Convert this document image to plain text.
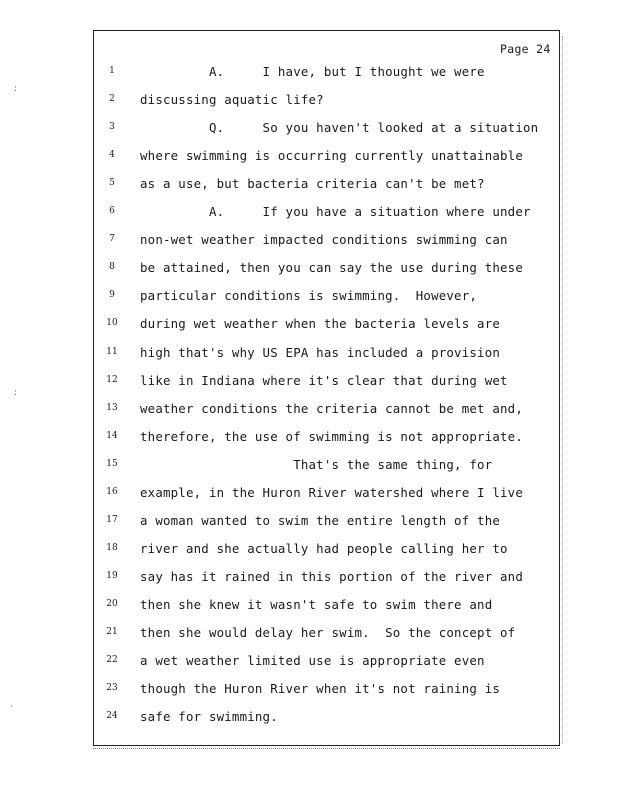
:
:
·
Page 24
1	A.     I have, but I thought we were
2	discussing aquatic life?
3	Q.     So you haven't looked at a situation
4	where swimming is occurring currently unattainable
5	as a use, but bacteria criteria can't be met?
6	A.     If you have a situation where under
7	non-wet weather impacted conditions swimming can
8	be attained, then you can say the use during these
9	particular conditions is swimming.  However,
10	during wet weather when the bacteria levels are
11	high that's why US EPA has included a provision
12	like in Indiana where it's clear that during wet
13	weather conditions the criteria cannot be met and,
14	therefore, the use of swimming is not appropriate.
15	That's the same thing, for
16	example, in the Huron River watershed where I live
17	a woman wanted to swim the entire length of the
18	river and she actually had people calling her to
19	say has it rained in this portion of the river and
20	then she knew it wasn't safe to swim there and
21	then she would delay her swim.  So the concept of
22	a wet weather limited use is appropriate even
23	though the Huron River when it's not raining is
24	safe for swimming.
